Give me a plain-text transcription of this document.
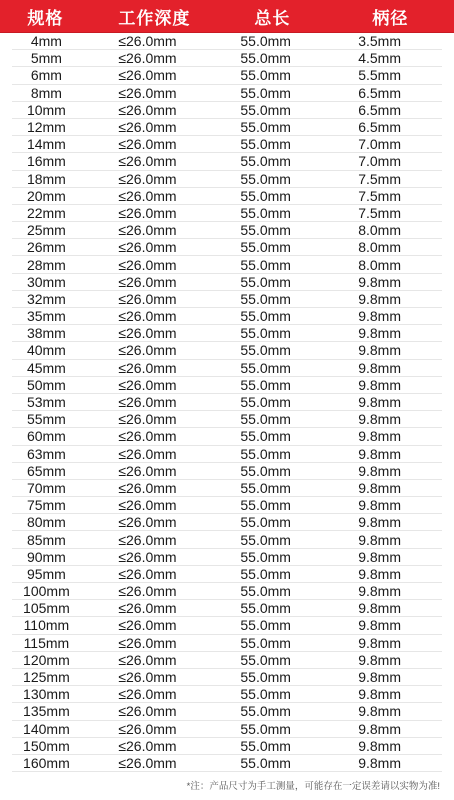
规格	工作深度	总长	柄径
4mm	≤26.0mm	55.0mm	3.5mm
5mm	≤26.0mm	55.0mm	4.5mm
6mm	≤26.0mm	55.0mm	5.5mm
8mm	≤26.0mm	55.0mm	6.5mm
10mm	≤26.0mm	55.0mm	6.5mm
12mm	≤26.0mm	55.0mm	6.5mm
14mm	≤26.0mm	55.0mm	7.0mm
16mm	≤26.0mm	55.0mm	7.0mm
18mm	≤26.0mm	55.0mm	7.5mm
20mm	≤26.0mm	55.0mm	7.5mm
22mm	≤26.0mm	55.0mm	7.5mm
25mm	≤26.0mm	55.0mm	8.0mm
26mm	≤26.0mm	55.0mm	8.0mm
28mm	≤26.0mm	55.0mm	8.0mm
30mm	≤26.0mm	55.0mm	9.8mm
32mm	≤26.0mm	55.0mm	9.8mm
35mm	≤26.0mm	55.0mm	9.8mm
38mm	≤26.0mm	55.0mm	9.8mm
40mm	≤26.0mm	55.0mm	9.8mm
45mm	≤26.0mm	55.0mm	9.8mm
50mm	≤26.0mm	55.0mm	9.8mm
53mm	≤26.0mm	55.0mm	9.8mm
55mm	≤26.0mm	55.0mm	9.8mm
60mm	≤26.0mm	55.0mm	9.8mm
63mm	≤26.0mm	55.0mm	9.8mm
65mm	≤26.0mm	55.0mm	9.8mm
70mm	≤26.0mm	55.0mm	9.8mm
75mm	≤26.0mm	55.0mm	9.8mm
80mm	≤26.0mm	55.0mm	9.8mm
85mm	≤26.0mm	55.0mm	9.8mm
90mm	≤26.0mm	55.0mm	9.8mm
95mm	≤26.0mm	55.0mm	9.8mm
100mm	≤26.0mm	55.0mm	9.8mm
105mm	≤26.0mm	55.0mm	9.8mm
110mm	≤26.0mm	55.0mm	9.8mm
115mm	≤26.0mm	55.0mm	9.8mm
120mm	≤26.0mm	55.0mm	9.8mm
125mm	≤26.0mm	55.0mm	9.8mm
130mm	≤26.0mm	55.0mm	9.8mm
135mm	≤26.0mm	55.0mm	9.8mm
140mm	≤26.0mm	55.0mm	9.8mm
150mm	≤26.0mm	55.0mm	9.8mm
160mm	≤26.0mm	55.0mm	9.8mm
*注：产品尺寸为手工测量，可能存在一定误差请以实物为准!
